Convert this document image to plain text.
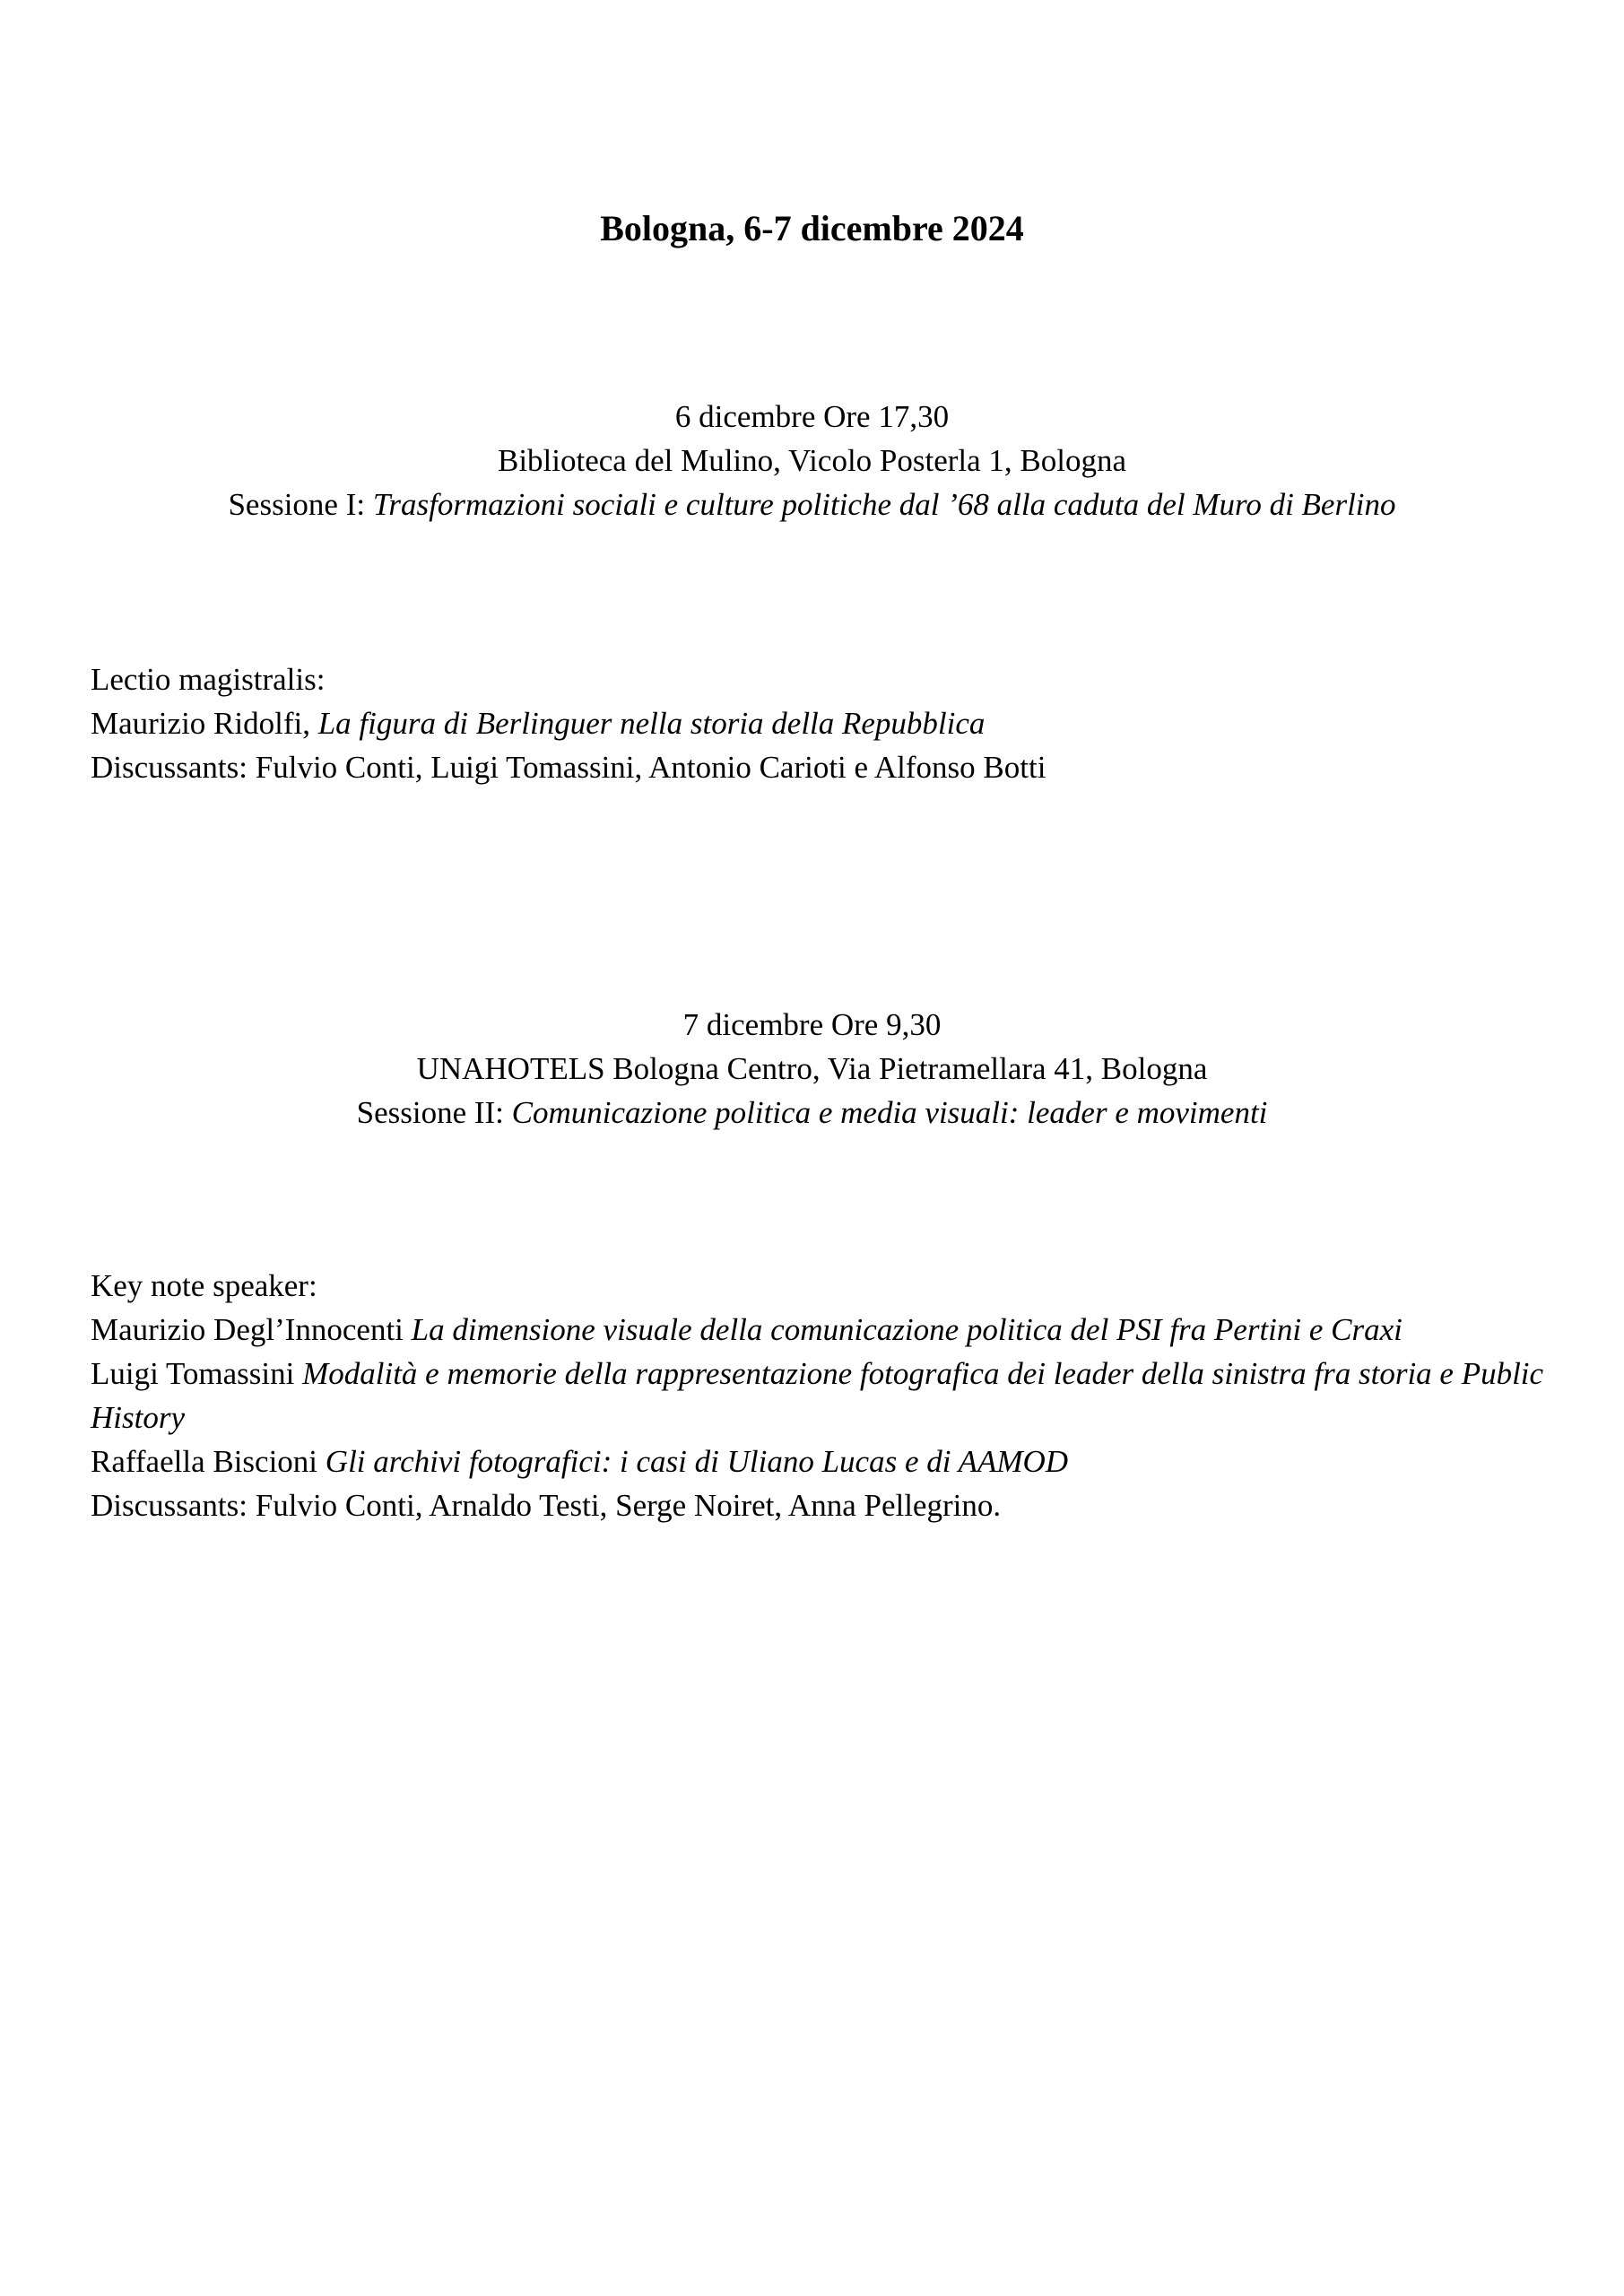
Bologna, 6-7 dicembre 2024
6 dicembre Ore 17,30
Biblioteca del Mulino, Vicolo Posterla 1, Bologna
Sessione I: Trasformazioni sociali e culture politiche dal ’68 alla caduta del Muro di Berlino
Lectio magistralis:
Maurizio Ridolfi, La figura di Berlinguer nella storia della Repubblica
Discussants: Fulvio Conti, Luigi Tomassini, Antonio Carioti e Alfonso Botti
7 dicembre Ore 9,30
UNAHOTELS Bologna Centro, Via Pietramellara 41, Bologna
Sessione II: Comunicazione politica e media visuali: leader e movimenti
Key note speaker:
Maurizio Degl’Innocenti La dimensione visuale della comunicazione politica del PSI fra Pertini e Craxi
Luigi Tomassini Modalità e memorie della rappresentazione fotografica dei leader della sinistra fra storia e Public History
Raffaella Biscioni Gli archivi fotografici: i casi di Uliano Lucas e di AAMOD
Discussants: Fulvio Conti, Arnaldo Testi, Serge Noiret, Anna Pellegrino.
